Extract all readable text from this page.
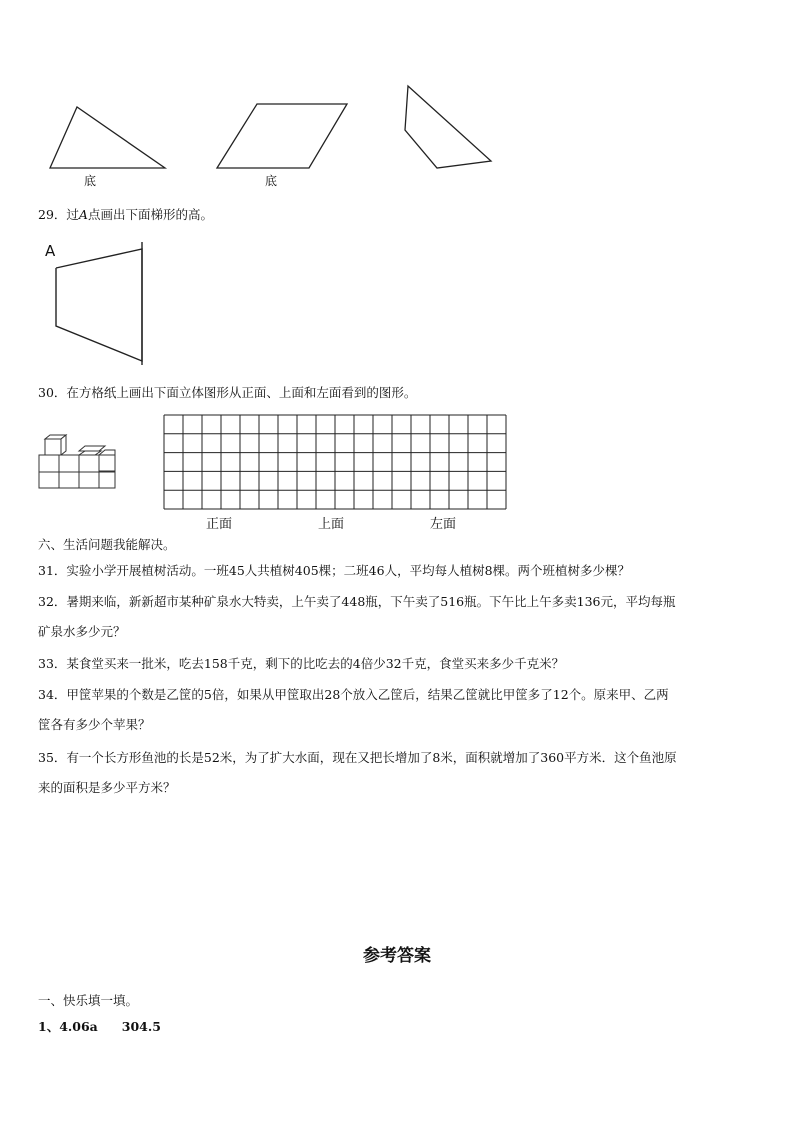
底	底
29．过A点画出下面梯形的高。
A
30．在方格纸上画出下面立体图形从正面、上面和左面看到的图形。
正面	上面	左面
六、生活问题我能解决。
31．实验小学开展植树活动。一班45人共植树405棵；二班46人，平均每人植树8棵。两个班植树多少棵？
32．暑期来临，新新超市某种矿泉水大特卖，上午卖了448瓶，下午卖了516瓶。下午比上午多卖136元，平均每瓶
矿泉水多少元？
33．某食堂买来一批米，吃去158千克，剩下的比吃去的4倍少32千克，食堂买来多少千克米？
34．甲筐苹果的个数是乙筐的5倍，如果从甲筐取出28个放入乙筐后，结果乙筐就比甲筐多了12个。原来甲、乙两
筐各有多少个苹果？
35．有一个长方形鱼池的长是52米，为了扩大水面，现在又把长增加了8米，面积就增加了360平方米．这个鱼池原
来的面积是多少平方米？
参考答案
一、快乐填一填。
1、4.06a 304.5
